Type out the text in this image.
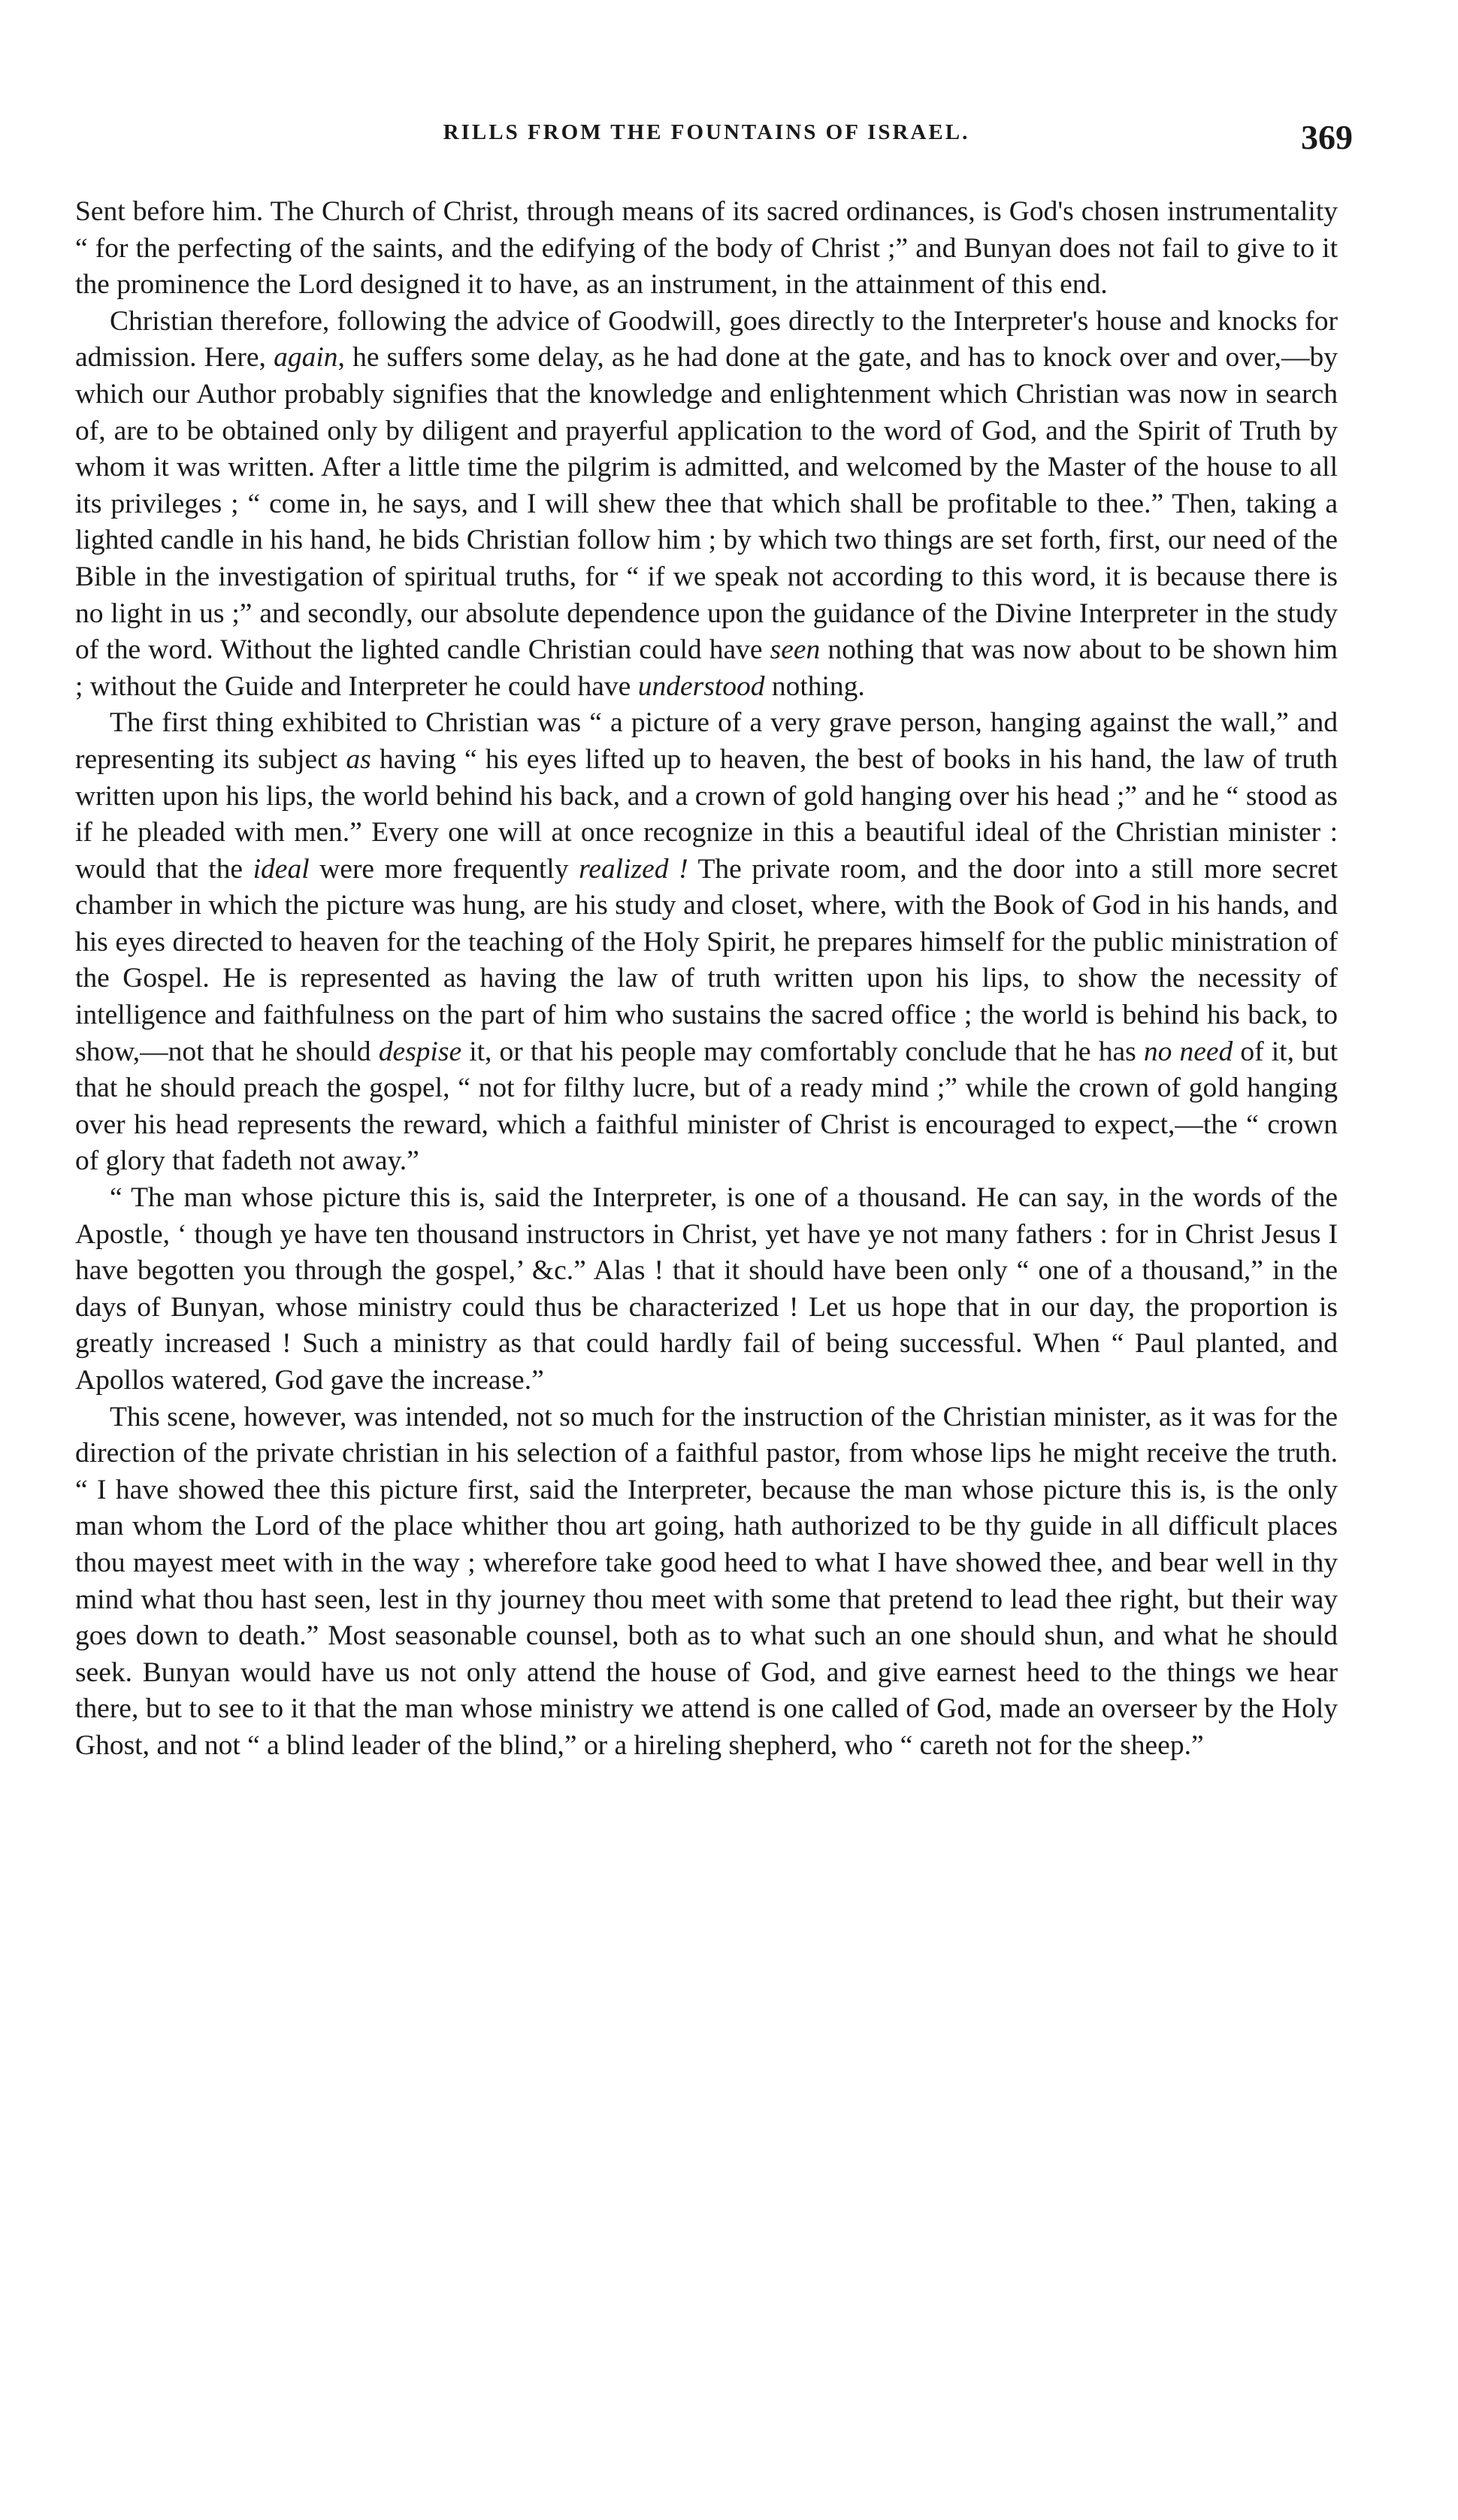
RILLS FROM THE FOUNTAINS OF ISRAEL.	369

Sent before him. The Church of Christ, through means of its sacred ordinances, is God's chosen instrumentality “ for the perfecting of the saints, and the edifying of the body of Christ ;” and Bunyan does not fail to give to it the prominence the Lord designed it to have, as an instrument, in the attainment of this end.

Christian therefore, following the advice of Goodwill, goes directly to the Interpreter's house and knocks for admission. Here, again, he suffers some delay, as he had done at the gate, and has to knock over and over,—by which our Author probably signifies that the knowledge and enlightenment which Christian was now in search of, are to be obtained only by diligent and prayerful application to the word of God, and the Spirit of Truth by whom it was written. After a little time the pilgrim is admitted, and welcomed by the Master of the house to all its privileges ; “ come in, he says, and I will shew thee that which shall be profitable to thee.” Then, taking a lighted candle in his hand, he bids Christian follow him ; by which two things are set forth, first, our need of the Bible in the investigation of spiritual truths, for “ if we speak not according to this word, it is because there is no light in us ;” and secondly, our absolute dependence upon the guidance of the Divine Interpreter in the study of the word. Without the lighted candle Christian could have seen nothing that was now about to be shown him ; without the Guide and Interpreter he could have understood nothing.

The first thing exhibited to Christian was “ a picture of a very grave person, hanging against the wall,” and representing its subject as having “ his eyes lifted up to heaven, the best of books in his hand, the law of truth written upon his lips, the world behind his back, and a crown of gold hanging over his head ;” and he “ stood as if he pleaded with men.” Every one will at once recognize in this a beautiful ideal of the Christian minister : would that the ideal were more frequently realized ! The private room, and the door into a still more secret chamber in which the picture was hung, are his study and closet, where, with the Book of God in his hands, and his eyes directed to heaven for the teaching of the Holy Spirit, he prepares himself for the public ministration of the Gospel. He is represented as having the law of truth written upon his lips, to show the necessity of intelligence and faithfulness on the part of him who sustains the sacred office ; the world is behind his back, to show,—not that he should despise it, or that his people may comfortably conclude that he has no need of it, but that he should preach the gospel, “ not for filthy lucre, but of a ready mind ;” while the crown of gold hanging over his head represents the reward, which a faithful minister of Christ is encouraged to expect,—the “ crown of glory that fadeth not away.”

“ The man whose picture this is, said the Interpreter, is one of a thousand. He can say, in the words of the Apostle, ‘ though ye have ten thousand instructors in Christ, yet have ye not many fathers : for in Christ Jesus I have begotten you through the gospel,’ &c.” Alas ! that it should have been only “ one of a thousand,” in the days of Bunyan, whose ministry could thus be characterized ! Let us hope that in our day, the proportion is greatly increased ! Such a ministry as that could hardly fail of being successful. When “ Paul planted, and Apollos watered, God gave the increase.”

This scene, however, was intended, not so much for the instruction of the Christian minister, as it was for the direction of the private christian in his selection of a faithful pastor, from whose lips he might receive the truth. “ I have showed thee this picture first, said the Interpreter, because the man whose picture this is, is the only man whom the Lord of the place whither thou art going, hath authorized to be thy guide in all difficult places thou mayest meet with in the way ; wherefore take good heed to what I have showed thee, and bear well in thy mind what thou hast seen, lest in thy journey thou meet with some that pretend to lead thee right, but their way goes down to death.” Most seasonable counsel, both as to what such an one should shun, and what he should seek. Bunyan would have us not only attend the house of God, and give earnest heed to the things we hear there, but to see to it that the man whose ministry we attend is one called of God, made an overseer by the Holy Ghost, and not “ a blind leader of the blind,” or a hireling shepherd, who “ careth not for the sheep.”
